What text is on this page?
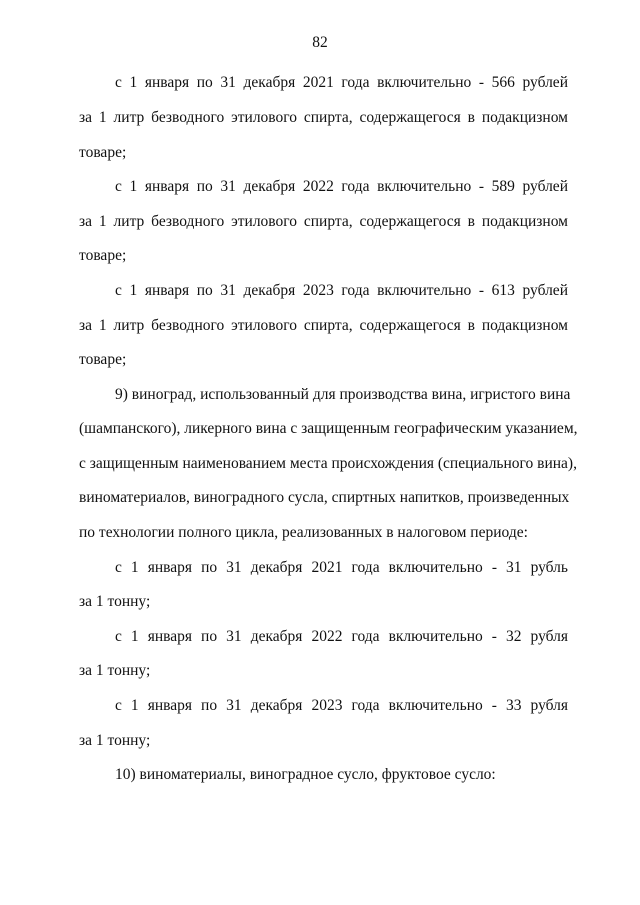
82
с 1 января по 31 декабря 2021 года включительно - 566 рублей
за 1 литр безводного этилового спирта, содержащегося в подакцизном
товаре;
с 1 января по 31 декабря 2022 года включительно - 589 рублей
за 1 литр безводного этилового спирта, содержащегося в подакцизном
товаре;
с 1 января по 31 декабря 2023 года включительно - 613 рублей
за 1 литр безводного этилового спирта, содержащегося в подакцизном
товаре;
9) виноград, использованный для производства вина, игристого вина
(шампанского), ликерного вина с защищенным географическим указанием,
с защищенным наименованием места происхождения (специального вина),
виноматериалов, виноградного сусла, спиртных напитков, произведенных
по технологии полного цикла, реализованных в налоговом периоде:
с 1 января по 31 декабря 2021 года включительно - 31 рубль
за 1 тонну;
с 1 января по 31 декабря 2022 года включительно - 32 рубля
за 1 тонну;
с 1 января по 31 декабря 2023 года включительно - 33 рубля
за 1 тонну;
10) виноматериалы, виноградное сусло, фруктовое сусло:
